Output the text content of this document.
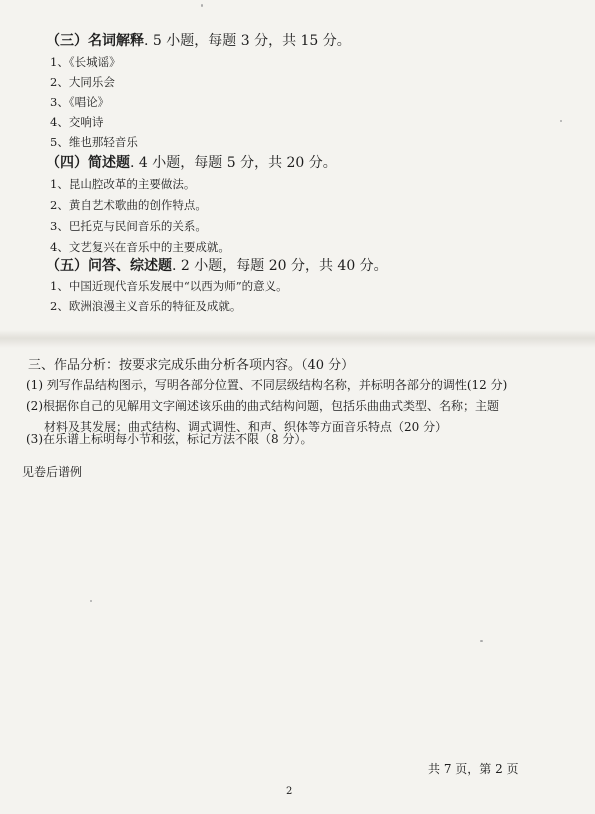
（三）名词解释. 5 小题，每题 3 分，共 15 分。
1、《长城谣》
2、大同乐会
3、《唱论》
4、交响诗
5、维也那轻音乐
（四）简述题. 4 小题，每题 5 分，共 20 分。
1、昆山腔改革的主要做法。
2、黄自艺术歌曲的创作特点。
3、巴托克与民间音乐的关系。
4、文艺复兴在音乐中的主要成就。
（五）问答、综述题. 2 小题，每题 20 分，共 40 分。
1、中国近现代音乐发展中“以西为师”的意义。
2、欧洲浪漫主义音乐的特征及成就。
三、作品分析：按要求完成乐曲分析各项内容。（40 分）
(1) 列写作品结构图示，写明各部分位置、不同层级结构名称，并标明各部分的调性(12 分)
(2)根据你自己的见解用文字阐述该乐曲的曲式结构问题，包括乐曲曲式类型、名称；主题
材料及其发展；曲式结构、调式调性、和声、织体等方面音乐特点（20 分）
(3)在乐谱上标明每小节和弦，标记方法不限（8 分）。
见卷后谱例
共 7 页，第 2 页
2
